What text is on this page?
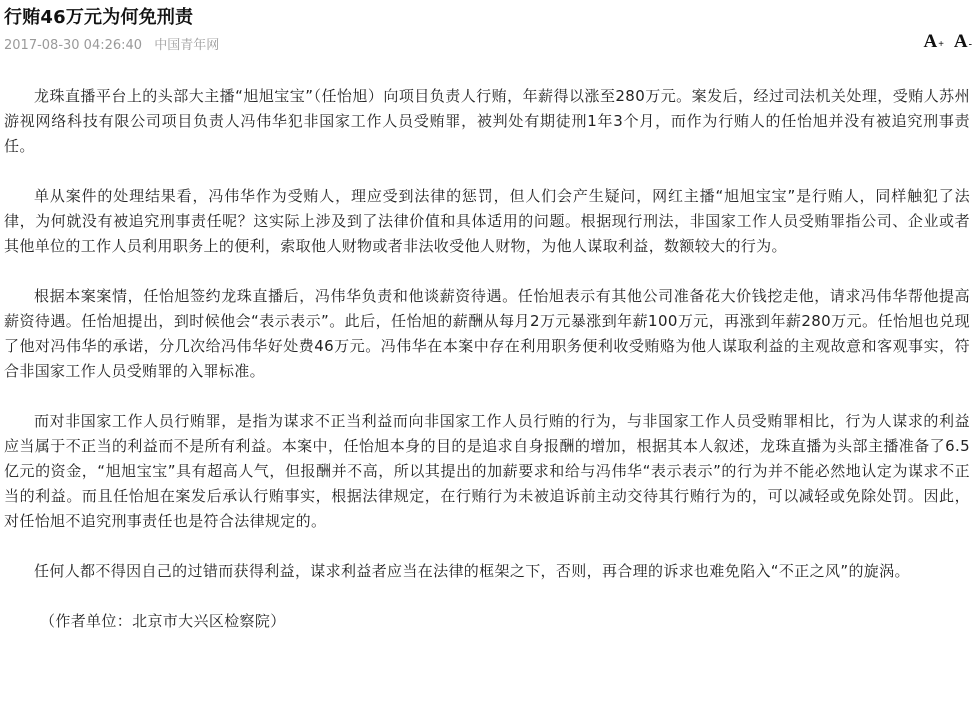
行贿46万元为何免刑责
2017-08-30 04:26:40 中国青年网	A + A -

龙珠直播平台上的头部大主播“旭旭宝宝”（任怡旭）向项目负责人行贿，年薪得以涨至280万元。案发后，经过司法机关处理，受贿人苏州游视网络科技有限公司项目负责人冯伟华犯非国家工作人员受贿罪，被判处有期徒刑1年3个月，而作为行贿人的任怡旭并没有被追究刑事责任。

单从案件的处理结果看，冯伟华作为受贿人，理应受到法律的惩罚，但人们会产生疑问，网红主播“旭旭宝宝”是行贿人，同样触犯了法律，为何就没有被追究刑事责任呢？这实际上涉及到了法律价值和具体适用的问题。根据现行刑法，非国家工作人员受贿罪指公司、企业或者其他单位的工作人员利用职务上的便利，索取他人财物或者非法收受他人财物，为他人谋取利益，数额较大的行为。

根据本案案情，任怡旭签约龙珠直播后，冯伟华负责和他谈薪资待遇。任怡旭表示有其他公司准备花大价钱挖走他，请求冯伟华帮他提高薪资待遇。任怡旭提出，到时候他会“表示表示”。此后，任怡旭的薪酬从每月2万元暴涨到年薪100万元，再涨到年薪280万元。任怡旭也兑现了他对冯伟华的承诺，分几次给冯伟华好处费46万元。冯伟华在本案中存在利用职务便利收受贿赂为他人谋取利益的主观故意和客观事实，符合非国家工作人员受贿罪的入罪标准。

而对非国家工作人员行贿罪，是指为谋求不正当利益而向非国家工作人员行贿的行为，与非国家工作人员受贿罪相比，行为人谋求的利益应当属于不正当的利益而不是所有利益。本案中，任怡旭本身的目的是追求自身报酬的增加，根据其本人叙述，龙珠直播为头部主播准备了6.5亿元的资金，“旭旭宝宝”具有超高人气，但报酬并不高，所以其提出的加薪要求和给与冯伟华“表示表示”的行为并不能必然地认定为谋求不正当的利益。而且任怡旭在案发后承认行贿事实，根据法律规定，在行贿行为未被追诉前主动交待其行贿行为的，可以减轻或免除处罚。因此，对任怡旭不追究刑事责任也是符合法律规定的。

任何人都不得因自己的过错而获得利益，谋求利益者应当在法律的框架之下，否则，再合理的诉求也难免陷入“不正之风”的旋涡。

（作者单位：北京市大兴区检察院）
